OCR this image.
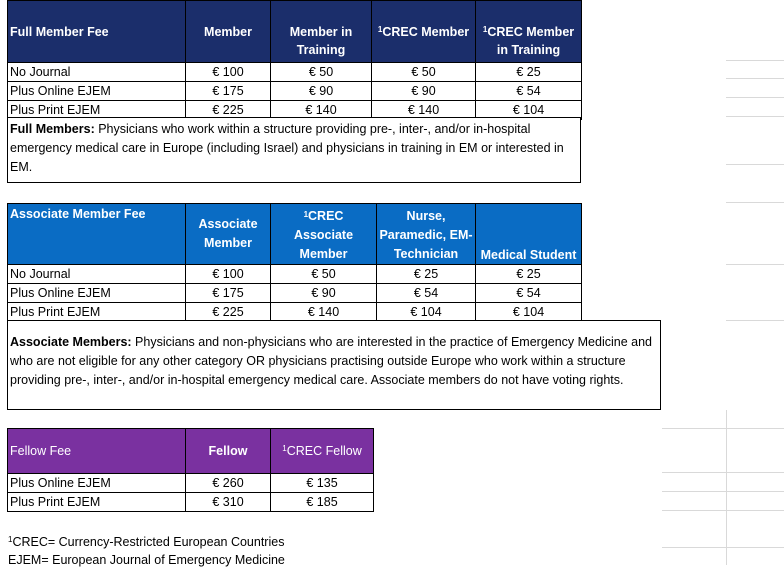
Full Member Fee	Member	Member in Training	$^1$CREC Member	$^1$CREC Member in Training
No Journal	€ 100	€ 50	€ 50	€ 25
Plus Online EJEM	€ 175	€ 90	€ 90	€ 54
Plus Print EJEM	€ 225	€ 140	€ 140	€ 104
Full Members: Physicians who work within a structure providing pre-, inter-, and/or in-hospital emergency medical care in Europe (including Israel) and physicians in training in EM or interested in EM.
Associate Member Fee	Associate Member	$^1$CREC Associate Member	Nurse, Paramedic, EM-Technician	Medical Student
No Journal	€ 100	€ 50	€ 25	€ 25
Plus Online EJEM	€ 175	€ 90	€ 54	€ 54
Plus Print EJEM	€ 225	€ 140	€ 104	€ 104
Associate Members: Physicians and non-physicians who are interested in the practice of Emergency Medicine and who are not eligible for any other category OR physicians practising outside Europe who work within a structure providing pre-, inter-, and/or in-hospital emergency medical care. Associate members do not have voting rights.
Fellow Fee	Fellow	$^1$CREC Fellow
Plus Online EJEM	€ 260	€ 135
Plus Print EJEM	€ 310	€ 185
$^1$CREC= Currency-Restricted European Countries
EJEM= European Journal of Emergency Medicine
